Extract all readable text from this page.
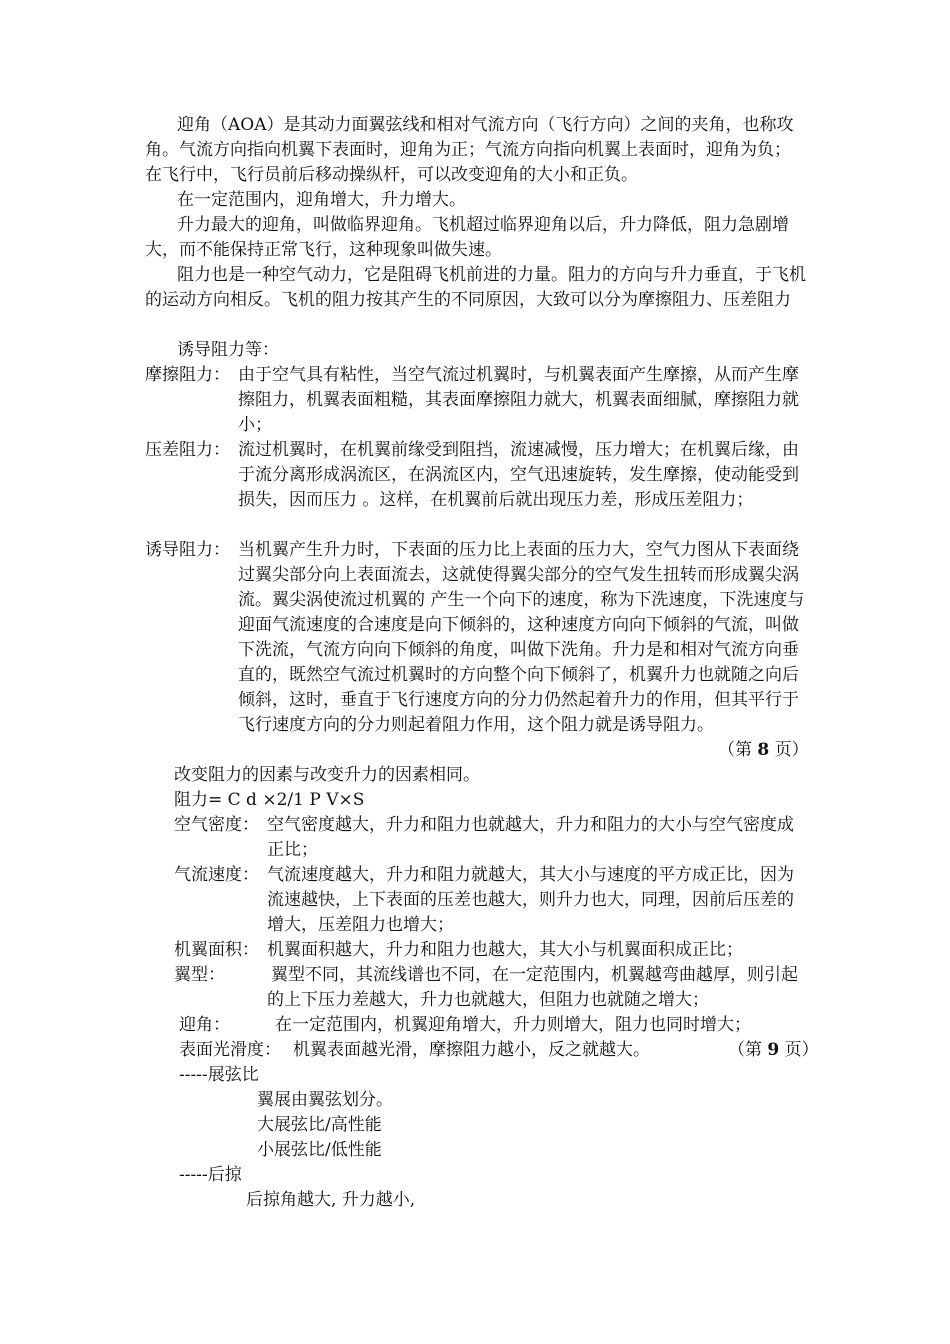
迎角（AOA）是其动力面翼弦线和相对气流方向（飞行方向）之间的夹角，也称攻角。气流方向指向机翼下表面时，迎角为正；气流方向指向机翼上表面时，迎角为负；在飞行中，飞行员前后移动操纵杆，可以改变迎角的大小和正负。
在一定范围内，迎角增大，升力增大。
升力最大的迎角，叫做临界迎角。飞机超过临界迎角以后，升力降低，阻力急剧增大，而不能保持正常飞行，这种现象叫做失速。
阻力也是一种空气动力，它是阻碍飞机前进的力量。阻力的方向与升力垂直，于飞机的运动方向相反。飞机的阻力按其产生的不同原因，大致可以分为摩擦阻力、压差阻力
诱导阻力等：
摩擦阻力： 由于空气具有粘性，当空气流过机翼时，与机翼表面产生摩擦，从而产生摩擦阻力，机翼表面粗糙，其表面摩擦阻力就大，机翼表面细腻，摩擦阻力就小；
压差阻力： 流过机翼时，在机翼前缘受到阻挡，流速减慢，压力增大；在机翼后缘，由于流分离形成涡流区，在涡流区内，空气迅速旋转，发生摩擦，使动能受到损失，因而压力 。这样，在机翼前后就出现压力差，形成压差阻力；
诱导阻力： 当机翼产生升力时，下表面的压力比上表面的压力大，空气力图从下表面绕过翼尖部分向上表面流去，这就使得翼尖部分的空气发生扭转而形成翼尖涡流。翼尖涡使流过机翼的 产生一个向下的速度，称为下洗速度，下洗速度与迎面气流速度的合速度是向下倾斜的，这种速度方向向下倾斜的气流，叫做下洗流，气流方向向下倾斜的角度，叫做下洗角。升力是和相对气流方向垂直的，既然空气流过机翼时的方向整个向下倾斜了，机翼升力也就随之向后倾斜，这时，垂直于飞行速度方向的分力仍然起着升力的作用，但其平行于飞行速度方向的分力则起着阻力作用，这个阻力就是诱导阻力。
（第 8 页）
改变阻力的因素与改变升力的因素相同。
阻力= C d ×2/1 P V×S
空气密度： 空气密度越大，升力和阻力也就越大，升力和阻力的大小与空气密度成正比；
气流速度： 气流速度越大，升力和阻力就越大，其大小与速度的平方成正比，因为流速越快，上下表面的压差也越大，则升力也大，同理，因前后压差的增大，压差阻力也增大；
机翼面积： 机翼面积越大，升力和阻力也越大，其大小与机翼面积成正比；
翼型：	翼型不同，其流线谱也不同，在一定范围内，机翼越弯曲越厚，则引起的上下压力差越大，升力也就越大，但阻力也就随之增大；
迎角：	在一定范围内，机翼迎角增大，升力则增大，阻力也同时增大；
表面光滑度： 机翼表面越光滑，摩擦阻力越小，反之就越大。	（第 9 页）
-----展弦比
翼展由翼弦划分。
大展弦比/高性能
小展弦比/低性能
-----后掠
后掠角越大, 升力越小,
